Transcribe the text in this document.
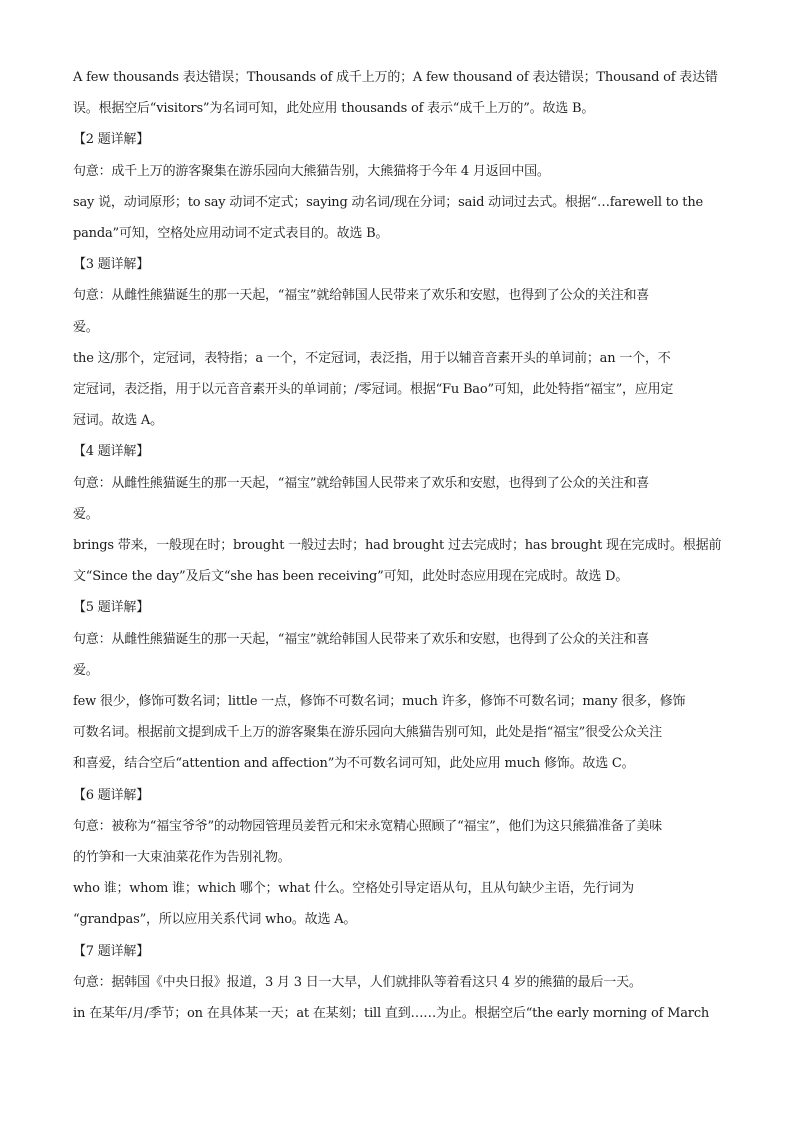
A few thousands 表达错误；Thousands of 成千上万的；A few thousand of 表达错误；Thousand of 表达错
误。根据空后“visitors”为名词可知，此处应用 thousands of 表示“成千上万的”。故选 B。
【2 题详解】
句意：成千上万的游客聚集在游乐园向大熊猫告别，大熊猫将于今年 4 月返回中国。
say 说，动词原形；to say 动词不定式；saying 动名词/现在分词；said 动词过去式。根据“…farewell to the
panda”可知，空格处应用动词不定式表目的。故选 B。
【3 题详解】
句意：从雌性熊猫诞生的那一天起，“福宝”就给韩国人民带来了欢乐和安慰，也得到了公众的关注和喜
爱。
the 这/那个，定冠词，表特指；a 一个，不定冠词，表泛指，用于以辅音音素开头的单词前；an 一个，不
定冠词，表泛指，用于以元音音素开头的单词前；/零冠词。根据“Fu Bao”可知，此处特指“福宝”，应用定
冠词。故选 A。
【4 题详解】
句意：从雌性熊猫诞生的那一天起，“福宝”就给韩国人民带来了欢乐和安慰，也得到了公众的关注和喜
爱。
brings 带来，一般现在时；brought 一般过去时；had brought 过去完成时；has brought 现在完成时。根据前
文“Since the day”及后文“she has been receiving”可知，此处时态应用现在完成时。故选 D。
【5 题详解】
句意：从雌性熊猫诞生的那一天起，“福宝”就给韩国人民带来了欢乐和安慰，也得到了公众的关注和喜
爱。
few 很少，修饰可数名词；little 一点，修饰不可数名词；much 许多，修饰不可数名词；many 很多，修饰
可数名词。根据前文提到成千上万的游客聚集在游乐园向大熊猫告别可知，此处是指“福宝”很受公众关注
和喜爱，结合空后“attention and affection”为不可数名词可知，此处应用 much 修饰。故选 C。
【6 题详解】
句意：被称为“福宝爷爷”的动物园管理员姜哲元和宋永宽精心照顾了“福宝”，他们为这只熊猫准备了美味
的竹笋和一大束油菜花作为告别礼物。
who 谁；whom 谁；which 哪个；what 什么。空格处引导定语从句，且从句缺少主语，先行词为
“grandpas”，所以应用关系代词 who。故选 A。
【7 题详解】
句意：据韩国《中央日报》报道，3 月 3 日一大早，人们就排队等着看这只 4 岁的熊猫的最后一天。
in 在某年/月/季节；on 在具体某一天；at 在某刻；till 直到……为止。根据空后“the early morning of March
